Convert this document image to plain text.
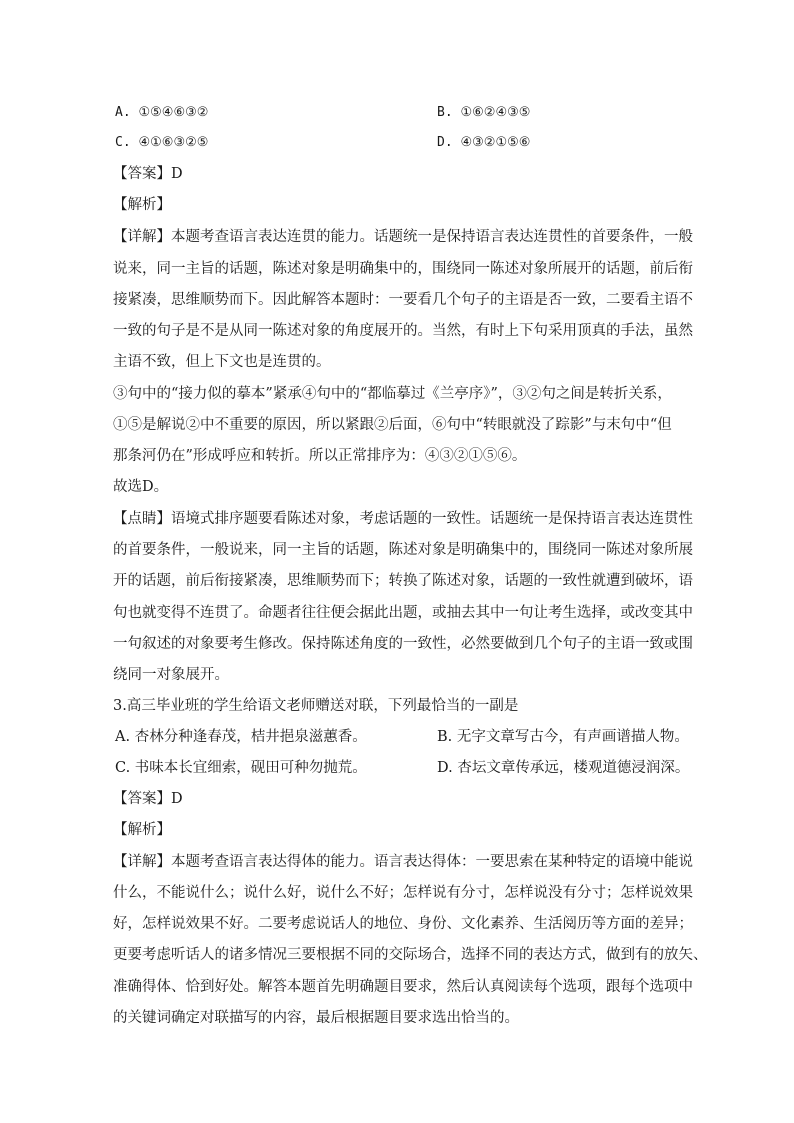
A. ①⑤④⑥③②	B. ①⑥②④③⑤
C. ④①⑥③②⑤	D. ④③②①⑤⑥
【答案】D
【解析】
【详解】本题考查语言表达连贯的能力。话题统一是保持语言表达连贯性的首要条件，一般
说来，同一主旨的话题，陈述对象是明确集中的，围绕同一陈述对象所展开的话题，前后衔
接紧凑，思维顺势而下。因此解答本题时：一要看几个句子的主语是否一致，二要看主语不
一致的句子是不是从同一陈述对象的角度展开的。当然，有时上下句采用顶真的手法，虽然
主语不致，但上下文也是连贯的。
③句中的“接力似的摹本”紧承④句中的“都临摹过《兰亭序》”，③②句之间是转折关系，
①⑤是解说②中不重要的原因，所以紧跟②后面，⑥句中“转眼就没了踪影”与末句中“但
那条河仍在”形成呼应和转折。所以正常排序为：④③②①⑤⑥。
故选D。
【点睛】语境式排序题要看陈述对象，考虑话题的一致性。话题统一是保持语言表达连贯性
的首要条件，一般说来，同一主旨的话题，陈述对象是明确集中的，围绕同一陈述对象所展
开的话题，前后衔接紧凑，思维顺势而下；转换了陈述对象，话题的一致性就遭到破坏，语
句也就变得不连贯了。命题者往往便会据此出题，或抽去其中一句让考生选择，或改变其中
一句叙述的对象要考生修改。保持陈述角度的一致性，必然要做到几个句子的主语一致或围
绕同一对象展开。
3.高三毕业班的学生给语文老师赠送对联，下列最恰当的一副是
A. 杏林分种逢春茂，桔井挹泉滋蕙香。	B. 无字文章写古今，有声画谱描人物。
C. 书味本长宜细索，砚田可种勿抛荒。	D. 杏坛文章传承远，楼观道德浸润深。
【答案】D
【解析】
【详解】本题考查语言表达得体的能力。语言表达得体：一要思索在某种特定的语境中能说
什么，不能说什么；说什么好，说什么不好；怎样说有分寸，怎样说没有分寸；怎样说效果
好，怎样说效果不好。二要考虑说话人的地位、身份、文化素养、生活阅历等方面的差异；
更要考虑听话人的诸多情况三要根据不同的交际场合，选择不同的表达方式，做到有的放矢、
准确得体、恰到好处。解答本题首先明确题目要求，然后认真阅读每个选项，跟每个选项中
的关键词确定对联描写的内容，最后根据题目要求选出恰当的。
